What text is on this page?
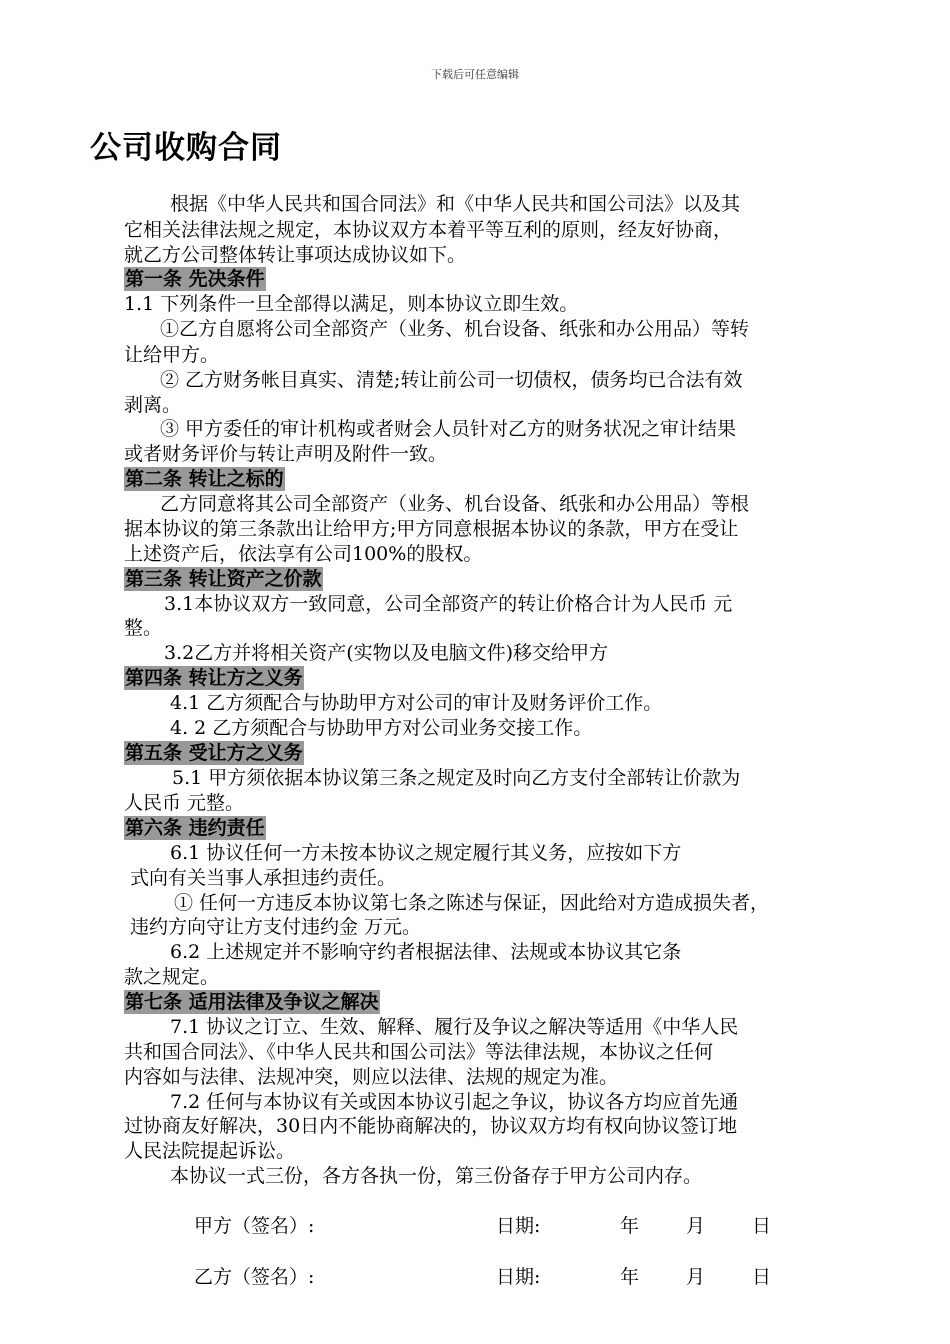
下载后可任意编辑
公司收购合同
根据《中华人民共和国合同法》和《中华人民共和国公司法》以及其
它相关法律法规之规定，本协议双方本着平等互利的原则，经友好协商，
就乙方公司整体转让事项达成协议如下。
第一条 先决条件
1.1 下列条件一旦全部得以满足，则本协议立即生效。
①乙方自愿将公司全部资产（业务、机台设备、纸张和办公用品）等转
让给甲方。
② 乙方财务帐目真实、清楚;转让前公司一切债权，债务均已合法有效
剥离。
③ 甲方委任的审计机构或者财会人员针对乙方的财务状况之审计结果
或者财务评价与转让声明及附件一致。
第二条 转让之标的
乙方同意将其公司全部资产（业务、机台设备、纸张和办公用品）等根
据本协议的第三条款出让给甲方;甲方同意根据本协议的条款，甲方在受让
上述资产后，依法享有公司100%的股权。
第三条 转让资产之价款
3.1本协议双方一致同意，公司全部资产的转让价格合计为人民币 元
整。
3.2乙方并将相关资产(实物以及电脑文件)移交给甲方
第四条 转让方之义务
4.1 乙方须配合与协助甲方对公司的审计及财务评价工作。
4. 2 乙方须配合与协助甲方对公司业务交接工作。
第五条 受让方之义务
5.1 甲方须依据本协议第三条之规定及时向乙方支付全部转让价款为
人民币 元整。
第六条 违约责任
6.1 协议任何一方未按本协议之规定履行其义务，应按如下方
式向有关当事人承担违约责任。
① 任何一方违反本协议第七条之陈述与保证，因此给对方造成损失者，
违约方向守让方支付违约金 万元。
6.2 上述规定并不影响守约者根据法律、法规或本协议其它条
款之规定。
第七条 适用法律及争议之解决
7.1 协议之订立、生效、解释、履行及争议之解决等适用《中华人民
共和国合同法》、《中华人民共和国公司法》等法律法规，本协议之任何
内容如与法律、法规冲突，则应以法律、法规的规定为准。
7.2 任何与本协议有关或因本协议引起之争议，协议各方均应首先通
过协商友好解决，30日内不能协商解决的，协议双方均有权向协议签订地
人民法院提起诉讼。
本协议一式三份，各方各执一份，第三份备存于甲方公司内存。
甲方（签名）:	日期:	年 月 日
乙方（签名）:	日期:	年 月 日
